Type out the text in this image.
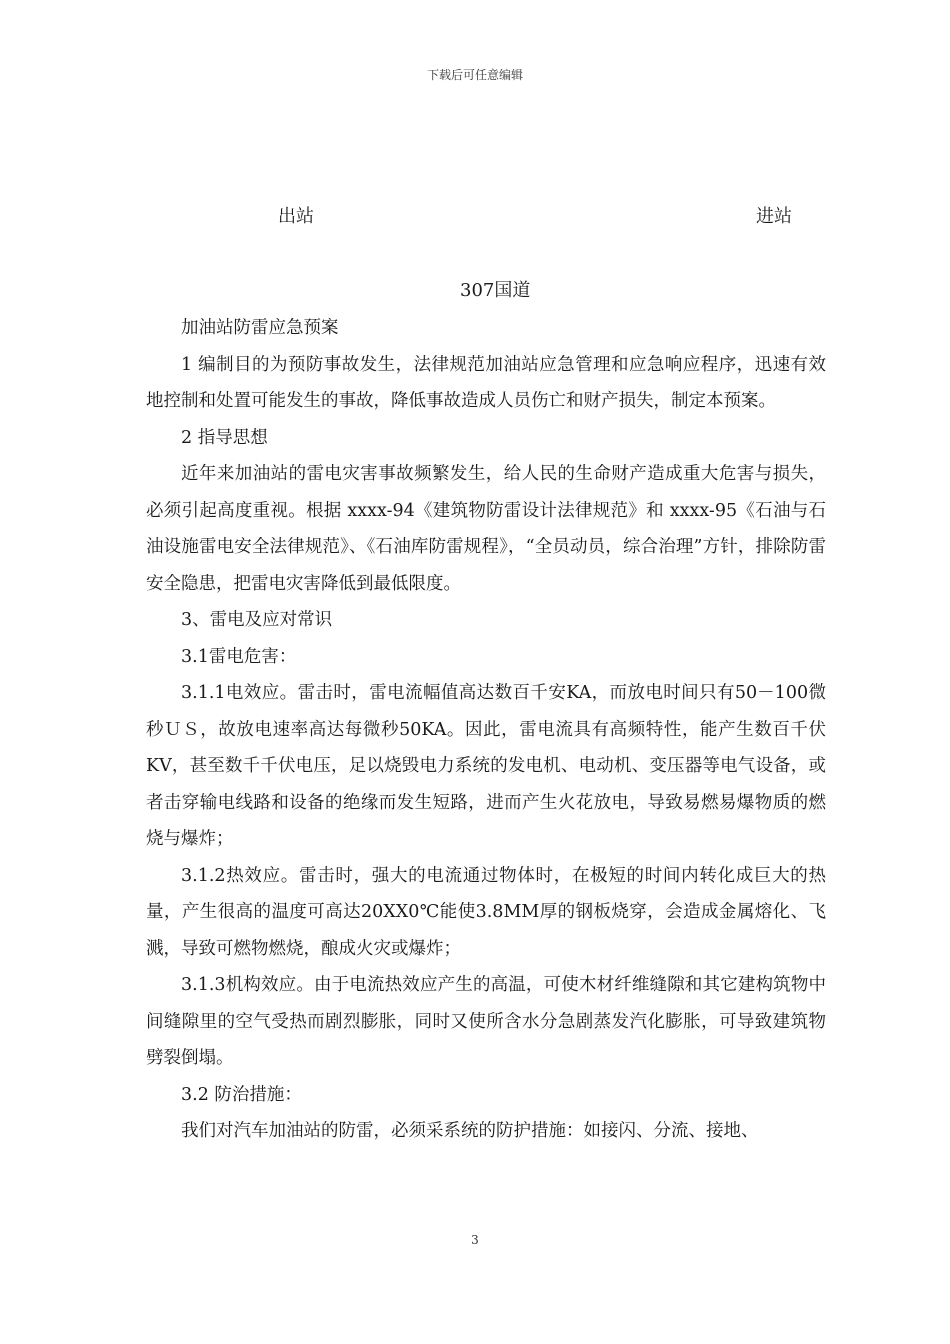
下载后可任意编辑
出站	进站
307国道

加油站防雷应急预案

1 编制目的为预防事故发生，法律规范加油站应急管理和应急响应程序，迅速有效地控制和处置可能发生的事故，降低事故造成人员伤亡和财产损失，制定本预案。

2 指导思想

近年来加油站的雷电灾害事故频繁发生，给人民的生命财产造成重大危害与损失，必须引起高度重视。根据 xxxx-94《建筑物防雷设计法律规范》和 xxxx-95《石油与石油设施雷电安全法律规范》、《石油库防雷规程》，“全员动员，综合治理”方针，排除防雷安全隐患，把雷电灾害降低到最低限度。

3、雷电及应对常识

3.1雷电危害：

3.1.1电效应。雷击时，雷电流幅值高达数百千安KA，而放电时间只有50－100微秒ＵＳ，故放电速率高达每微秒50KA。因此，雷电流具有高频特性，能产生数百千伏KV，甚至数千千伏电压，足以烧毁电力系统的发电机、电动机、变压器等电气设备，或者击穿输电线路和设备的绝缘而发生短路，进而产生火花放电，导致易燃易爆物质的燃烧与爆炸；

3.1.2热效应。雷击时，强大的电流通过物体时，在极短的时间内转化成巨大的热量，产生很高的温度可高达20XX0℃能使3.8MM厚的钢板烧穿，会造成金属熔化、飞溅，导致可燃物燃烧，酿成火灾或爆炸；

3.1.3机构效应。由于电流热效应产生的高温，可使木材纤维缝隙和其它建构筑物中间缝隙里的空气受热而剧烈膨胀，同时又使所含水分急剧蒸发汽化膨胀，可导致建筑物劈裂倒塌。

3.2 防治措施：

我们对汽车加油站的防雷，必须采系统的防护措施：如接闪、分流、接地、

3
